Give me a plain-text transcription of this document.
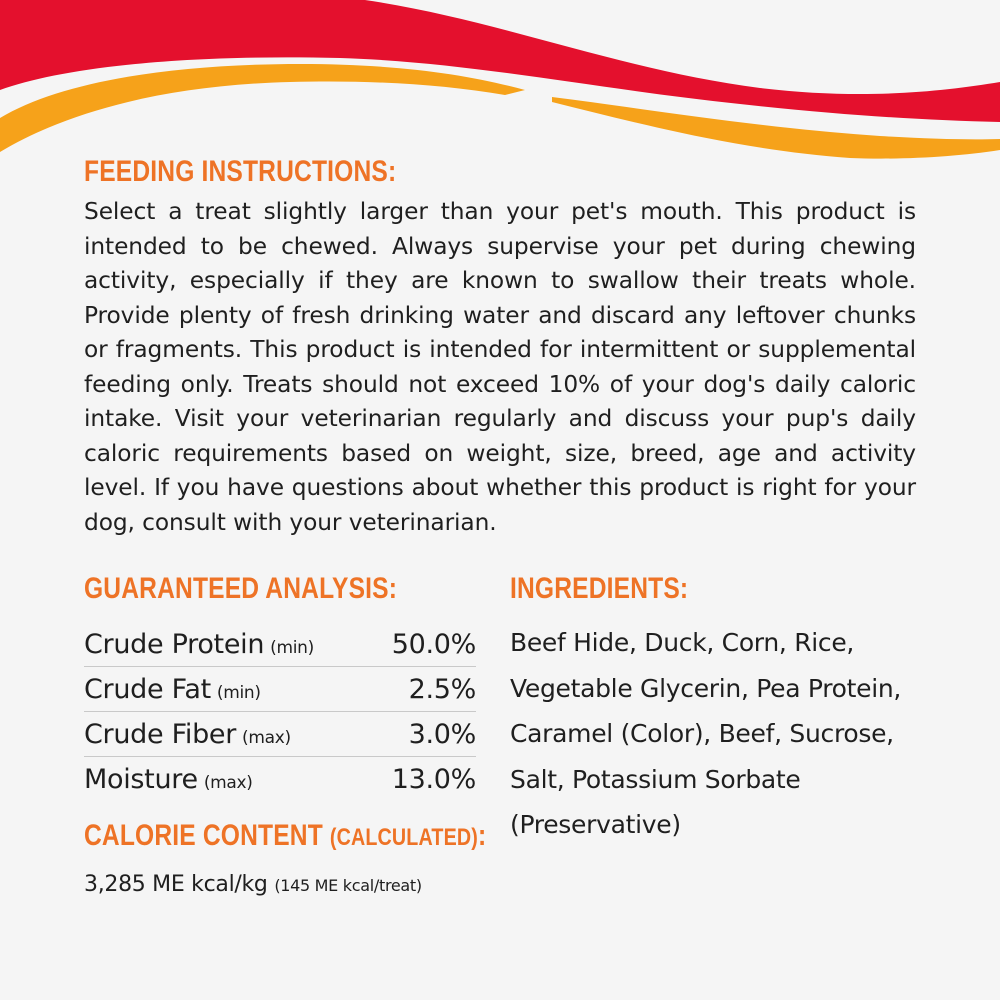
FEEDING INSTRUCTIONS:

Select a treat slightly larger than your pet's mouth. This product is intended to be chewed. Always supervise your pet during chewing activity, especially if they are known to swallow their treats whole. Provide plenty of fresh drinking water and discard any leftover chunks or fragments. This product is intended for intermittent or supplemental feeding only. Treats should not exceed 10% of your dog's daily caloric intake. Visit your veterinarian regularly and discuss your pup's daily caloric requirements based on weight, size, breed, age and activity level. If you have questions about whether this product is right for your dog, consult with your veterinarian.

GUARANTEED ANALYSIS:
Crude Protein (min)	50.0%
Crude Fat (min)	2.5%
Crude Fiber (max)	3.0%
Moisture (max)	13.0%
CALORIE CONTENT (CALCULATED):

3,285 ME kcal/kg (145 ME kcal/treat)

INGREDIENTS:

Beef Hide, Duck, Corn, Rice, Vegetable Glycerin, Pea Protein, Caramel (Color), Beef, Sucrose, Salt, Potassium Sorbate (Preservative)
